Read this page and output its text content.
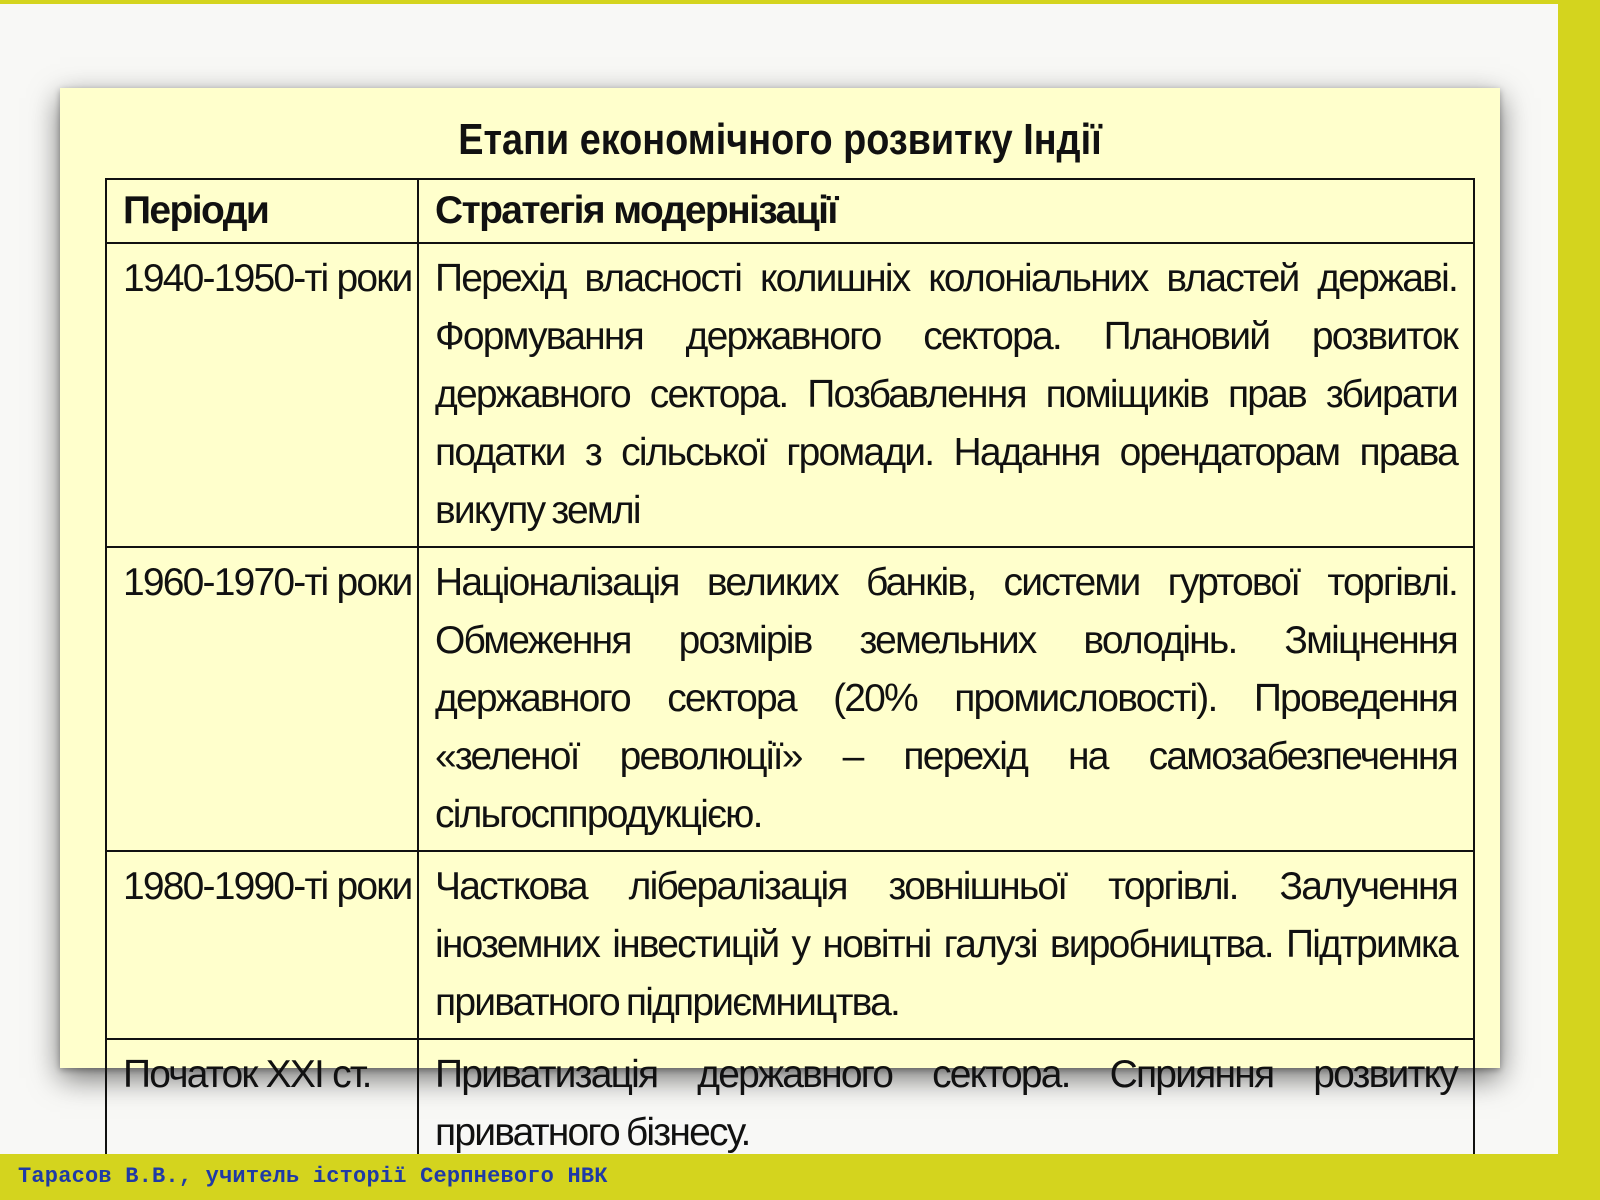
Етапи економічного розвитку Індії
Періоди	Стратегія модернізації
1940-1950-ті роки	Перехід власності колишніх колоніальних властей державі. Формування державного сектора. Плановий розвиток державного сектора. Позбавлення поміщиків прав збирати податки з сільської громади. Надання орендаторам права викупу землі
1960-1970-ті роки	Націоналізація великих банків, системи гуртової торгівлі. Обмеження розмірів земельних володінь. Зміцнення державного сектора (20% промисловості). Проведення «зеленої революції» – перехід на самозабезпечення сільгосппродукцією.
1980-1990-ті роки	Часткова лібералізація зовнішньої торгівлі. Залучення іноземних інвестицій у новітні галузі виробництва. Підтримка приватного підприємництва.
Початок XXI ст.	Приватизація державного сектора. Сприяння розвитку приватного бізнесу.
Тарасов В.В., учитель історії Серпневого НВК
